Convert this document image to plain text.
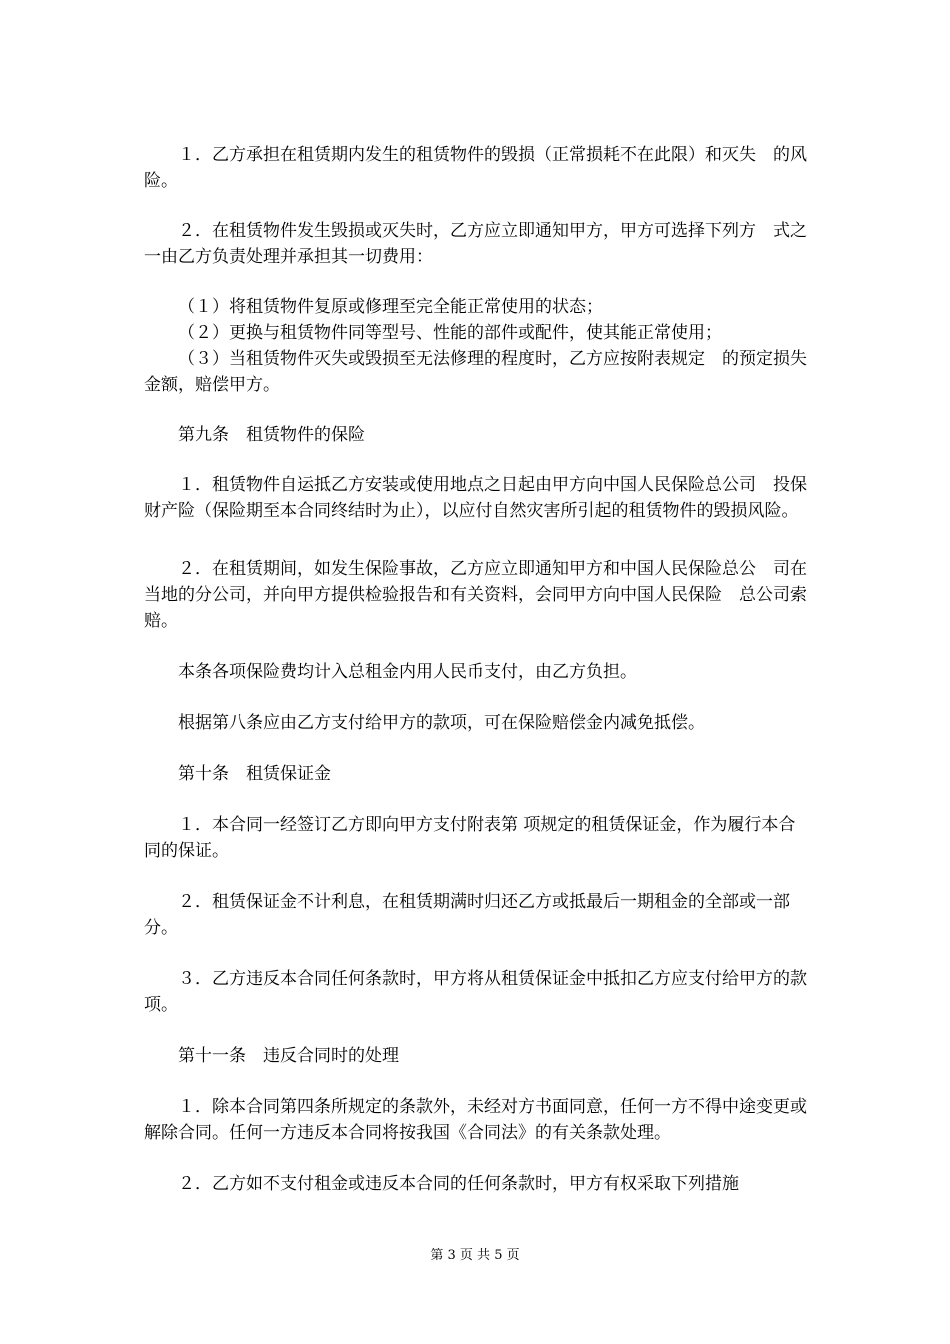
１．乙方承担在租赁期内发生的租赁物件的毁损（正常损耗不在此限）和灭失　的风险。

２．在租赁物件发生毁损或灭失时，乙方应立即通知甲方，甲方可选择下列方　式之一由乙方负责处理并承担其一切费用：

（１）将租赁物件复原或修理至完全能正常使用的状态；

（２）更换与租赁物件同等型号、性能的部件或配件，使其能正常使用；

（３）当租赁物件灭失或毁损至无法修理的程度时，乙方应按附表规定　的预定损失金额，赔偿甲方。

第九条　租赁物件的保险

１．租赁物件自运抵乙方安装或使用地点之日起由甲方向中国人民保险总公司　投保财产险（保险期至本合同终结时为止），以应付自然灾害所引起的租赁物件的毁损风险。

２．在租赁期间，如发生保险事故，乙方应立即通知甲方和中国人民保险总公　司在当地的分公司，并向甲方提供检验报告和有关资料，会同甲方向中国人民保险　总公司索赔。

本条各项保险费均计入总租金内用人民币支付，由乙方负担。

根据第八条应由乙方支付给甲方的款项，可在保险赔偿金内减免抵偿。

第十条　租赁保证金

１．本合同一经签订乙方即向甲方支付附表第 项规定的租赁保证金，作为履行本合同的保证。

２．租赁保证金不计利息，在租赁期满时归还乙方或抵最后一期租金的全部或一部分。

３．乙方违反本合同任何条款时，甲方将从租赁保证金中抵扣乙方应支付给甲方的款项。

第十一条　违反合同时的处理

１．除本合同第四条所规定的条款外，未经对方书面同意，任何一方不得中途变更或解除合同。任何一方违反本合同将按我国《合同法》的有关条款处理。

２．乙方如不支付租金或违反本合同的任何条款时，甲方有权采取下列措施

第 3 页 共 5 页
